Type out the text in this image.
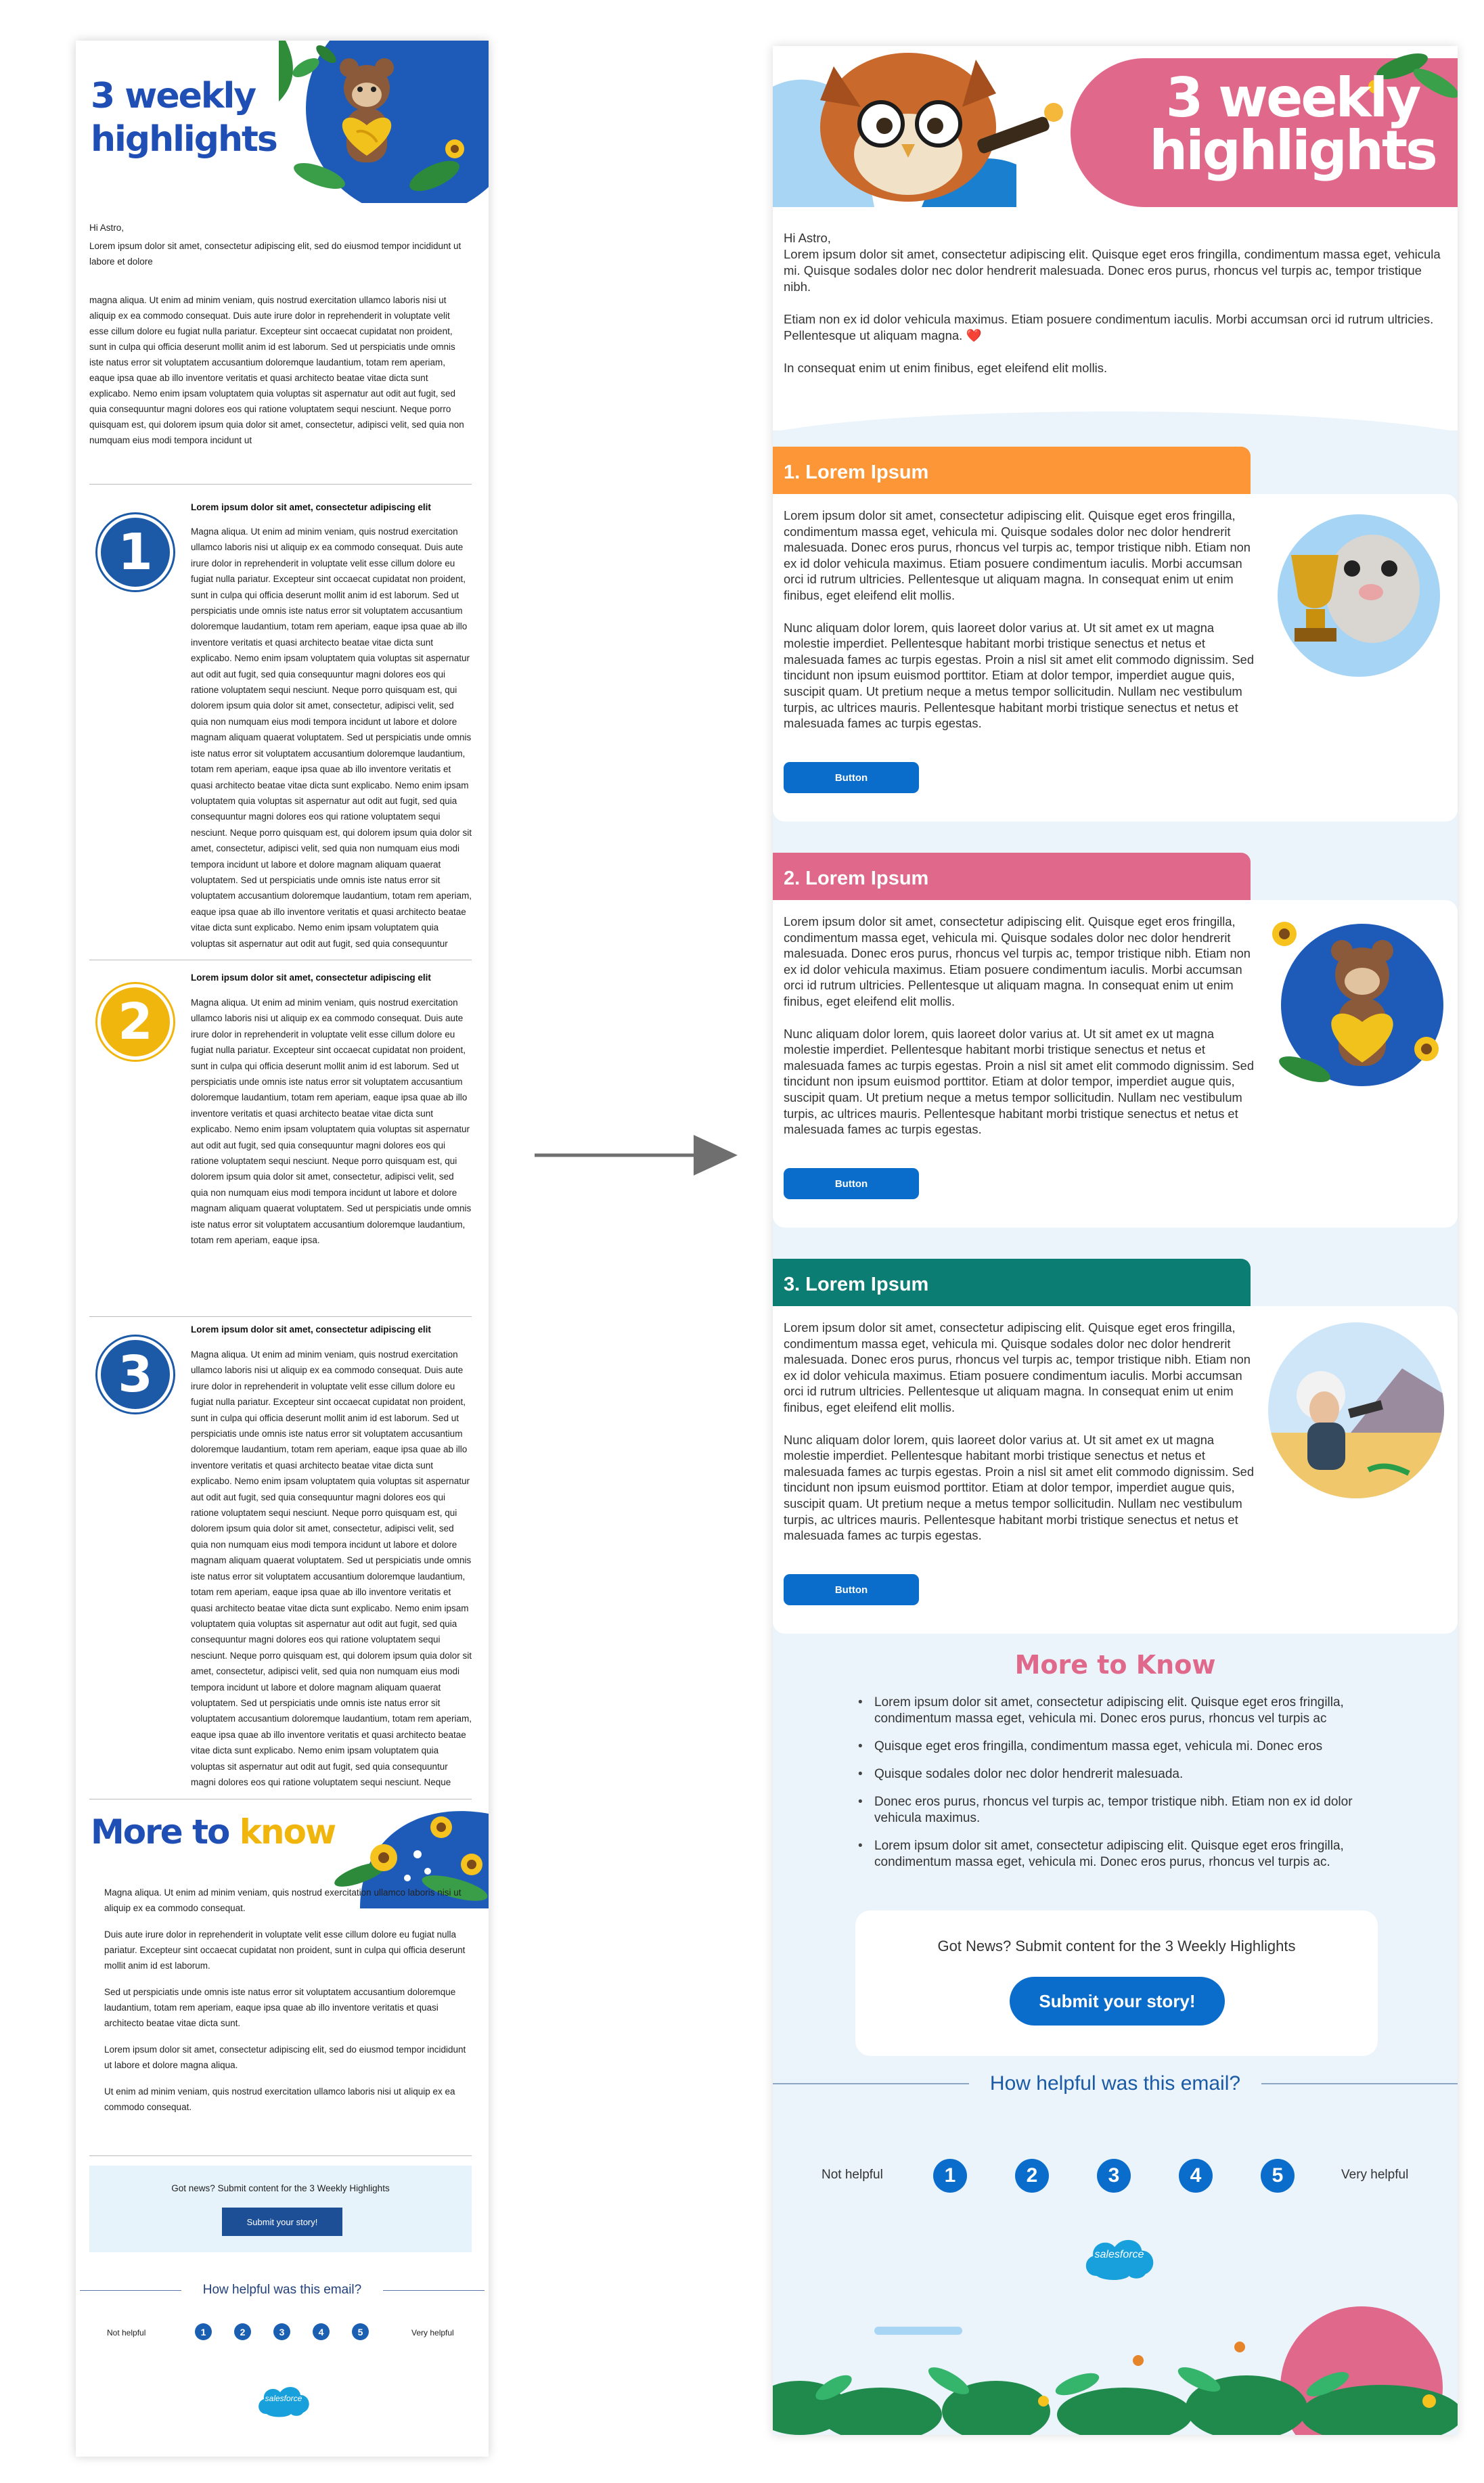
3 weekly
highlights
Hi Astro,
Lorem ipsum dolor sit amet, consectetur adipiscing elit, sed do eiusmod tempor incididunt ut labore et dolore
magna aliqua. Ut enim ad minim veniam, quis nostrud exercitation ullamco laboris nisi ut aliquip ex ea commodo consequat. Duis aute irure dolor in reprehenderit in voluptate velit esse cillum dolore eu fugiat nulla pariatur. Excepteur sint occaecat cupidatat non proident, sunt in culpa qui officia deserunt mollit anim id est laborum. Sed ut perspiciatis unde omnis iste natus error sit voluptatem accusantium doloremque laudantium, totam rem aperiam, eaque ipsa quae ab illo inventore veritatis et quasi architecto beatae vitae dicta sunt explicabo. Nemo enim ipsam voluptatem quia voluptas sit aspernatur aut odit aut fugit, sed quia consequuntur magni dolores eos qui ratione voluptatem sequi nesciunt. Neque porro quisquam est, qui dolorem ipsum quia dolor sit amet, consectetur, adipisci velit, sed quia non numquam eius modi tempora incidunt ut
1
Lorem ipsum dolor sit amet, consectetur adipiscing elit
Magna aliqua. Ut enim ad minim veniam, quis nostrud exercitation ullamco laboris nisi ut aliquip ex ea commodo consequat. Duis aute irure dolor in reprehenderit in voluptate velit esse cillum dolore eu fugiat nulla pariatur. Excepteur sint occaecat cupidatat non proident, sunt in culpa qui officia deserunt mollit anim id est laborum. Sed ut perspiciatis unde omnis iste natus error sit voluptatem accusantium doloremque laudantium, totam rem aperiam, eaque ipsa quae ab illo inventore veritatis et quasi architecto beatae vitae dicta sunt explicabo. Nemo enim ipsam voluptatem quia voluptas sit aspernatur aut odit aut fugit, sed quia consequuntur magni dolores eos qui ratione voluptatem sequi nesciunt. Neque porro quisquam est, qui dolorem ipsum quia dolor sit amet, consectetur, adipisci velit, sed quia non numquam eius modi tempora incidunt ut labore et dolore magnam aliquam quaerat voluptatem. Sed ut perspiciatis unde omnis iste natus error sit voluptatem accusantium doloremque laudantium, totam rem aperiam, eaque ipsa quae ab illo inventore veritatis et quasi architecto beatae vitae dicta sunt explicabo. Nemo enim ipsam voluptatem quia voluptas sit aspernatur aut odit aut fugit, sed quia consequuntur magni dolores eos qui ratione voluptatem sequi nesciunt. Neque porro quisquam est, qui dolorem ipsum quia dolor sit amet, consectetur, adipisci velit, sed quia non numquam eius modi tempora incidunt ut labore et dolore magnam aliquam quaerat voluptatem. Sed ut perspiciatis unde omnis iste natus error sit voluptatem accusantium doloremque laudantium, totam rem aperiam, eaque ipsa quae ab illo inventore veritatis et quasi architecto beatae vitae dicta sunt explicabo. Nemo enim ipsam voluptatem quia voluptas sit aspernatur aut odit aut fugit, sed quia consequuntur
2
Lorem ipsum dolor sit amet, consectetur adipiscing elit
Magna aliqua. Ut enim ad minim veniam, quis nostrud exercitation ullamco laboris nisi ut aliquip ex ea commodo consequat. Duis aute irure dolor in reprehenderit in voluptate velit esse cillum dolore eu fugiat nulla pariatur. Excepteur sint occaecat cupidatat non proident, sunt in culpa qui officia deserunt mollit anim id est laborum. Sed ut perspiciatis unde omnis iste natus error sit voluptatem accusantium doloremque laudantium, totam rem aperiam, eaque ipsa quae ab illo inventore veritatis et quasi architecto beatae vitae dicta sunt explicabo. Nemo enim ipsam voluptatem quia voluptas sit aspernatur aut odit aut fugit, sed quia consequuntur magni dolores eos qui ratione voluptatem sequi nesciunt. Neque porro quisquam est, qui dolorem ipsum quia dolor sit amet, consectetur, adipisci velit, sed quia non numquam eius modi tempora incidunt ut labore et dolore magnam aliquam quaerat voluptatem. Sed ut perspiciatis unde omnis iste natus error sit voluptatem accusantium doloremque laudantium, totam rem aperiam, eaque ipsa.
3
Lorem ipsum dolor sit amet, consectetur adipiscing elit
Magna aliqua. Ut enim ad minim veniam, quis nostrud exercitation ullamco laboris nisi ut aliquip ex ea commodo consequat. Duis aute irure dolor in reprehenderit in voluptate velit esse cillum dolore eu fugiat nulla pariatur. Excepteur sint occaecat cupidatat non proident, sunt in culpa qui officia deserunt mollit anim id est laborum. Sed ut perspiciatis unde omnis iste natus error sit voluptatem accusantium doloremque laudantium, totam rem aperiam, eaque ipsa quae ab illo inventore veritatis et quasi architecto beatae vitae dicta sunt explicabo. Nemo enim ipsam voluptatem quia voluptas sit aspernatur aut odit aut fugit, sed quia consequuntur magni dolores eos qui ratione voluptatem sequi nesciunt. Neque porro quisquam est, qui dolorem ipsum quia dolor sit amet, consectetur, adipisci velit, sed quia non numquam eius modi tempora incidunt ut labore et dolore magnam aliquam quaerat voluptatem. Sed ut perspiciatis unde omnis iste natus error sit voluptatem accusantium doloremque laudantium, totam rem aperiam, eaque ipsa quae ab illo inventore veritatis et quasi architecto beatae vitae dicta sunt explicabo. Nemo enim ipsam voluptatem quia voluptas sit aspernatur aut odit aut fugit, sed quia consequuntur magni dolores eos qui ratione voluptatem sequi nesciunt. Neque porro quisquam est, qui dolorem ipsum quia dolor sit amet, consectetur, adipisci velit, sed quia non numquam eius modi tempora incidunt ut labore et dolore magnam aliquam quaerat voluptatem. Sed ut perspiciatis unde omnis iste natus error sit voluptatem accusantium doloremque laudantium, totam rem aperiam, eaque ipsa quae ab illo inventore veritatis et quasi architecto beatae vitae dicta sunt explicabo. Nemo enim ipsam voluptatem quia voluptas sit aspernatur aut odit aut fugit, sed quia consequuntur magni dolores eos qui ratione voluptatem sequi nesciunt. Neque
More to know

Magna aliqua. Ut enim ad minim veniam, quis nostrud exercitation ullamco laboris nisi ut aliquip ex ea commodo consequat.

Duis aute irure dolor in reprehenderit in voluptate velit esse cillum dolore eu fugiat nulla pariatur. Excepteur sint occaecat cupidatat non proident, sunt in culpa qui officia deserunt mollit anim id est laborum.

Sed ut perspiciatis unde omnis iste natus error sit voluptatem accusantium doloremque laudantium, totam rem aperiam, eaque ipsa quae ab illo inventore veritatis et quasi architecto beatae vitae dicta sunt.

Lorem ipsum dolor sit amet, consectetur adipiscing elit, sed do eiusmod tempor incididunt ut labore et dolore magna aliqua.

Ut enim ad minim veniam, quis nostrud exercitation ullamco laboris nisi ut aliquip ex ea commodo consequat.

Got news? Submit content for the 3 Weekly Highlights
Submit your story!
How helpful was this email?
Not helpful	1	2	3	4	5	Very helpful
salesforce
3 weekly
highlights

Hi Astro,

Lorem ipsum dolor sit amet, consectetur adipiscing elit. Quisque eget eros fringilla, condimentum massa eget, vehicula mi. Quisque sodales dolor nec dolor hendrerit malesuada. Donec eros purus, rhoncus vel turpis ac, tempor tristique nibh.

Etiam non ex id dolor vehicula maximus. Etiam posuere condimentum iaculis. Morbi accumsan orci id rutrum ultricies. Pellentesque ut aliquam magna. ❤️

In consequat enim ut enim finibus, eget eleifend elit mollis.

1. Lorem Ipsum

Lorem ipsum dolor sit amet, consectetur adipiscing elit. Quisque eget eros fringilla, condimentum massa eget, vehicula mi. Quisque sodales dolor nec dolor hendrerit malesuada. Donec eros purus, rhoncus vel turpis ac, tempor tristique nibh. Etiam non ex id dolor vehicula maximus. Etiam posuere condimentum iaculis. Morbi accumsan orci id rutrum ultricies. Pellentesque ut aliquam magna. In consequat enim ut enim finibus, eget eleifend elit mollis.

Nunc aliquam dolor lorem, quis laoreet dolor varius at. Ut sit amet ex ut magna molestie imperdiet. Pellentesque habitant morbi tristique senectus et netus et malesuada fames ac turpis egestas. Proin a nisl sit amet elit commodo dignissim. Sed tincidunt non ipsum euismod porttitor. Etiam at dolor tempor, imperdiet augue quis, suscipit quam. Ut pretium neque a metus tempor sollicitudin. Nullam nec vestibulum turpis, ac ultrices mauris. Pellentesque habitant morbi tristique senectus et netus et malesuada fames ac turpis egestas.

Button
2. Lorem Ipsum

Lorem ipsum dolor sit amet, consectetur adipiscing elit. Quisque eget eros fringilla, condimentum massa eget, vehicula mi. Quisque sodales dolor nec dolor hendrerit malesuada. Donec eros purus, rhoncus vel turpis ac, tempor tristique nibh. Etiam non ex id dolor vehicula maximus. Etiam posuere condimentum iaculis. Morbi accumsan orci id rutrum ultricies. Pellentesque ut aliquam magna. In consequat enim ut enim finibus, eget eleifend elit mollis.

Nunc aliquam dolor lorem, quis laoreet dolor varius at. Ut sit amet ex ut magna molestie imperdiet. Pellentesque habitant morbi tristique senectus et netus et malesuada fames ac turpis egestas. Proin a nisl sit amet elit commodo dignissim. Sed tincidunt non ipsum euismod porttitor. Etiam at dolor tempor, imperdiet augue quis, suscipit quam. Ut pretium neque a metus tempor sollicitudin. Nullam nec vestibulum turpis, ac ultrices mauris. Pellentesque habitant morbi tristique senectus et netus et malesuada fames ac turpis egestas.

Button
3. Lorem Ipsum

Lorem ipsum dolor sit amet, consectetur adipiscing elit. Quisque eget eros fringilla, condimentum massa eget, vehicula mi. Quisque sodales dolor nec dolor hendrerit malesuada. Donec eros purus, rhoncus vel turpis ac, tempor tristique nibh. Etiam non ex id dolor vehicula maximus. Etiam posuere condimentum iaculis. Morbi accumsan orci id rutrum ultricies. Pellentesque ut aliquam magna. In consequat enim ut enim finibus, eget eleifend elit mollis.

Nunc aliquam dolor lorem, quis laoreet dolor varius at. Ut sit amet ex ut magna molestie imperdiet. Pellentesque habitant morbi tristique senectus et netus et malesuada fames ac turpis egestas. Proin a nisl sit amet elit commodo dignissim. Sed tincidunt non ipsum euismod porttitor. Etiam at dolor tempor, imperdiet augue quis, suscipit quam. Ut pretium neque a metus tempor sollicitudin. Nullam nec vestibulum turpis, ac ultrices mauris. Pellentesque habitant morbi tristique senectus et netus et malesuada fames ac turpis egestas.

Button
More to Know
• Lorem ipsum dolor sit amet, consectetur adipiscing elit. Quisque eget eros fringilla, condimentum massa eget, vehicula mi. Donec eros purus, rhoncus vel turpis ac
• Quisque eget eros fringilla, condimentum massa eget, vehicula mi. Donec eros
• Quisque sodales dolor nec dolor hendrerit malesuada.
• Donec eros purus, rhoncus vel turpis ac, tempor tristique nibh. Etiam non ex id dolor vehicula maximus.
• Lorem ipsum dolor sit amet, consectetur adipiscing elit. Quisque eget eros fringilla, condimentum massa eget, vehicula mi. Donec eros purus, rhoncus vel turpis ac.
Got News? Submit content for the 3 Weekly Highlights
Submit your story!
How helpful was this email?
Not helpful	1	2	3	4	5	Very helpful
salesforce
